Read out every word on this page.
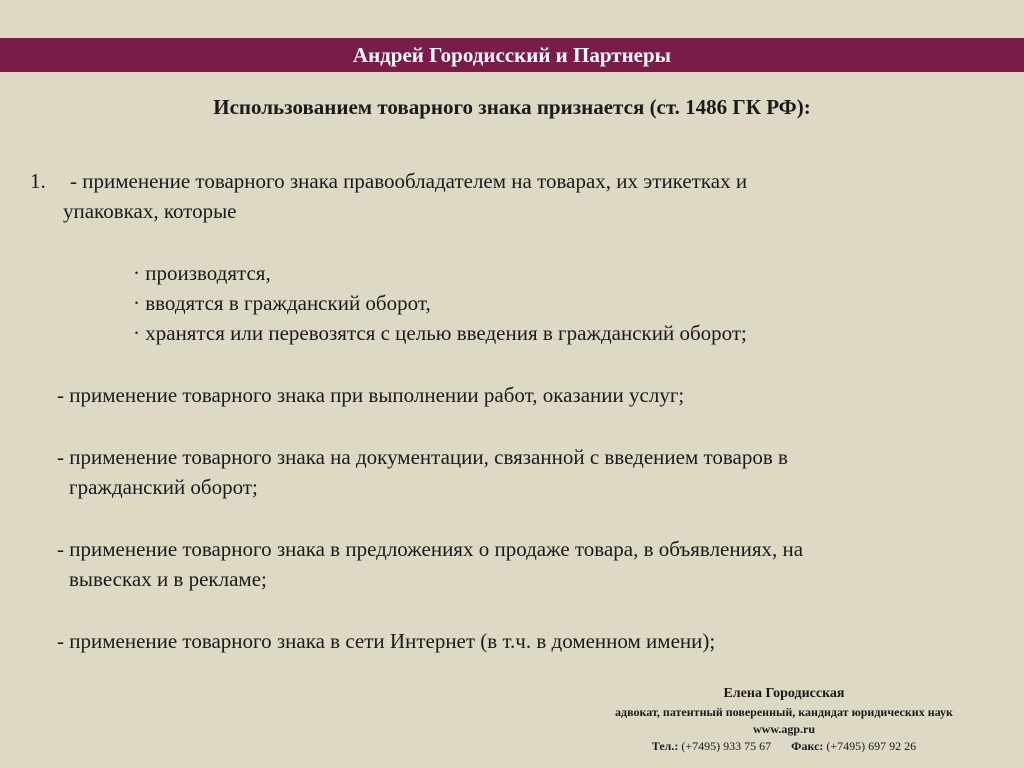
Андрей Городисский и Партнеры
Использованием товарного знака признается (ст. 1486 ГК РФ):
1. - применение товарного знака правообладателем на товарах, их этикетках и
упаковках, которые
· производятся,
· вводятся в гражданский оборот,
· хранятся или перевозятся с целью введения в гражданский оборот;
- применение товарного знака при выполнении работ, оказании услуг;
- применение товарного знака на документации, связанной с введением товаров в
гражданский оборот;
- применение товарного знака в предложениях о продаже товара, в объявлениях, на
вывесках и в рекламе;
- применение товарного знака в сети Интернет (в т.ч. в доменном имени);
Елена Городисская
адвокат, патентный поверенный, кандидат юридических наук
www.agp.ru
Тел.: (+7495) 933 75 67 Факс: (+7495) 697 92 26
